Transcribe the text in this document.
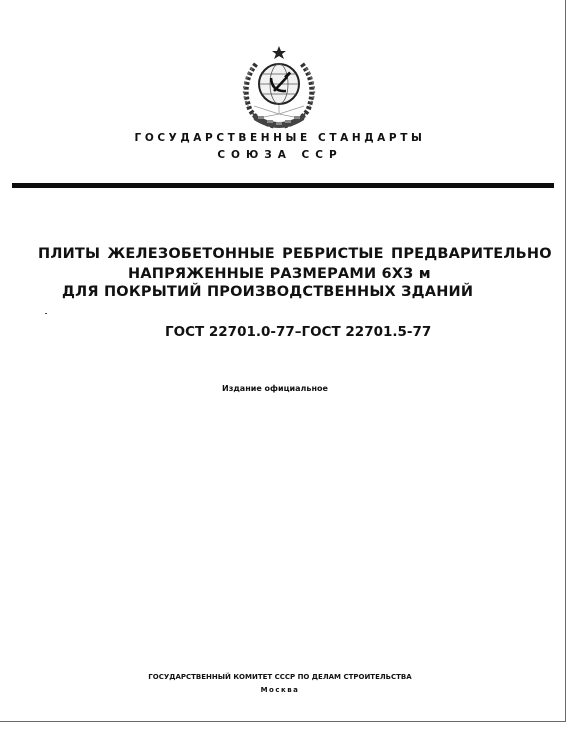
ГОСУДАРСТВЕННЫЕ СТАНДАРТЫ
СОЮЗА ССР
ПЛИТЫ ЖЕЛЕЗОБЕТОННЫЕ РЕБРИСТЫЕ ПРЕДВАРИТЕЛЬНО
НАПРЯЖЕННЫЕ РАЗМЕРАМИ 6Х3 м
ДЛЯ ПОКРЫТИЙ ПРОИЗВОДСТВЕННЫХ ЗДАНИЙ
ГОСТ 22701.0-77–ГОСТ 22701.5-77
Издание официальное
ГОСУДАРСТВЕННЫЙ КОМИТЕТ СССР ПО ДЕЛАМ СТРОИТЕЛЬСТВА
Москва
